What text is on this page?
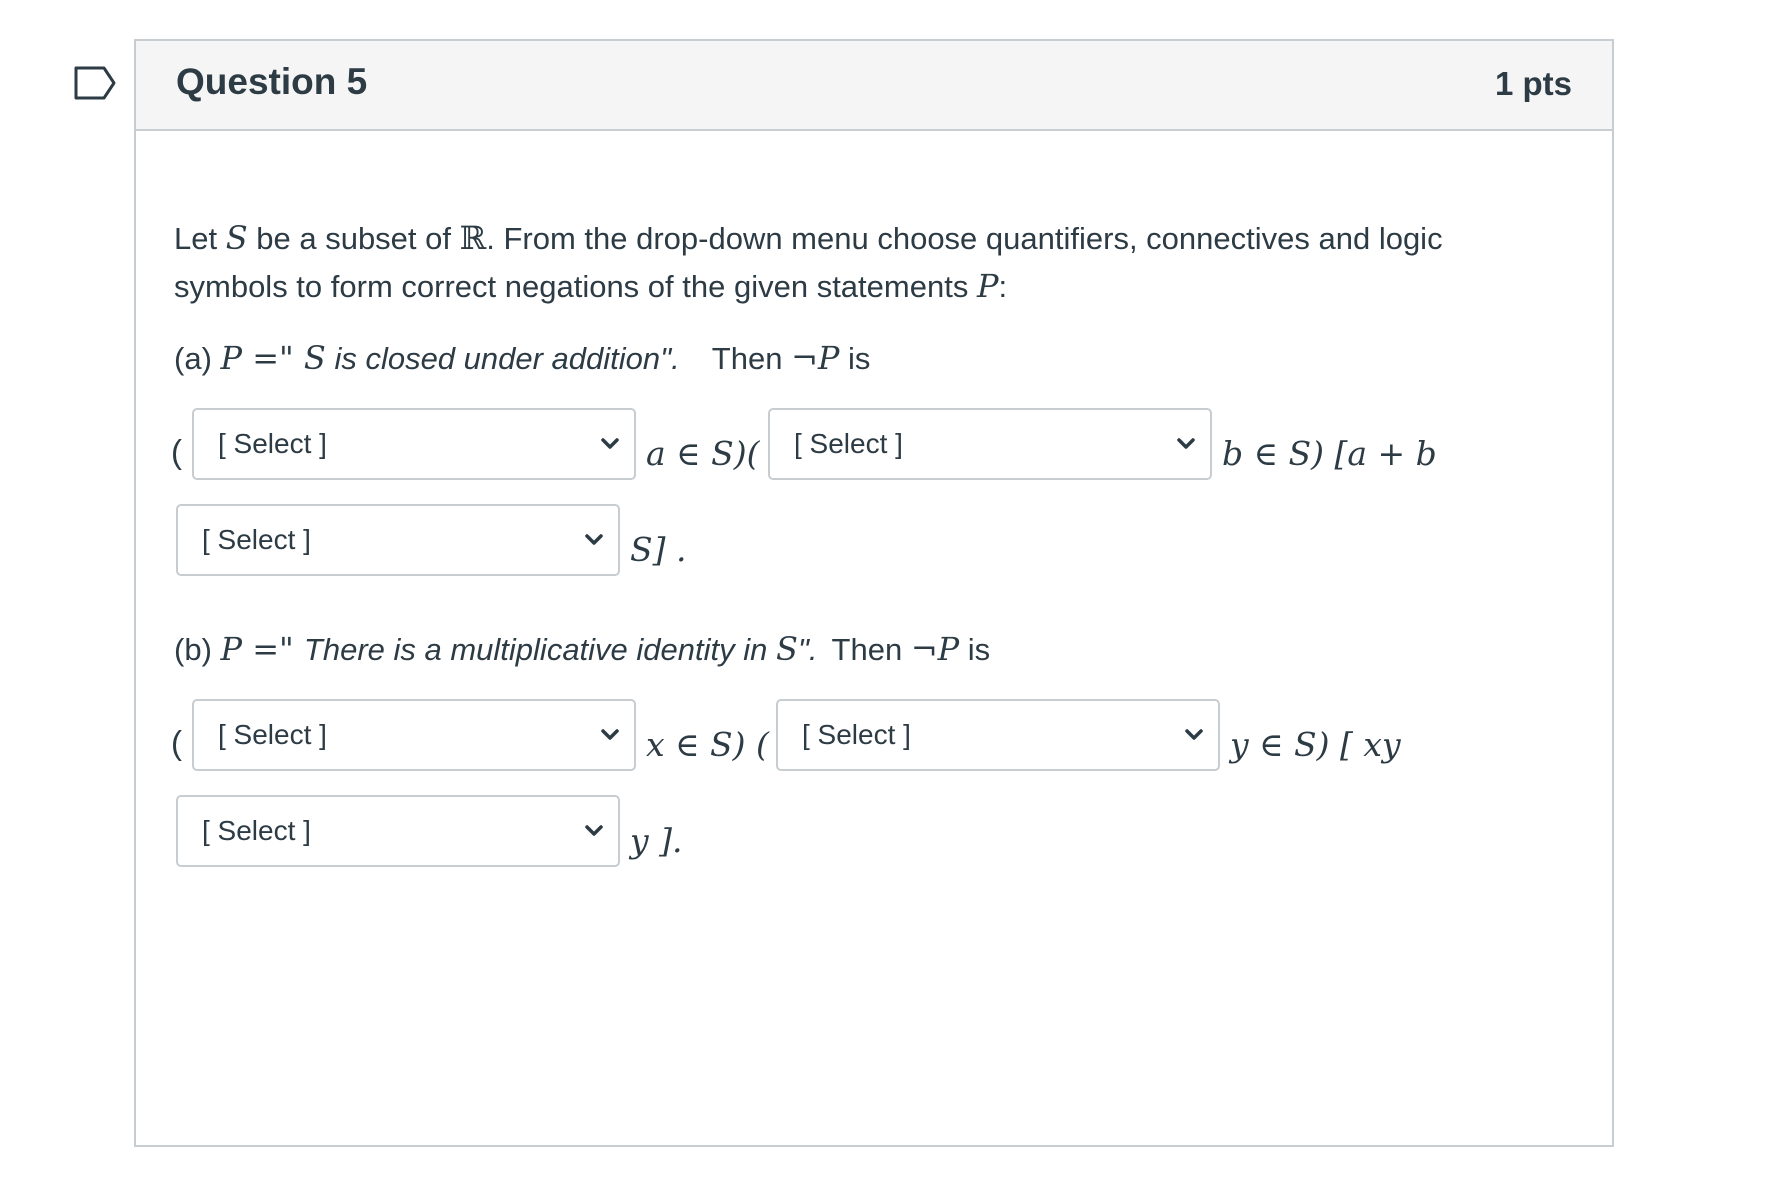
Question 5	1 pts
Let S be a subset of ℝ. From the drop-down menu choose quantifiers, connectives and logic
symbols to form correct negations of the given statements P:
(a) P =" S is closed under addition". Then ¬P is
( [ Select ]	a ∈ S)( [ Select ]	b ∈ S) [a + b
[ Select ]	S] .
(b) P =" There is a multiplicative identity in S". Then ¬P is
( [ Select ]	x ∈ S) ( [ Select ]	y ∈ S) [ xy
[ Select ]	y ].
